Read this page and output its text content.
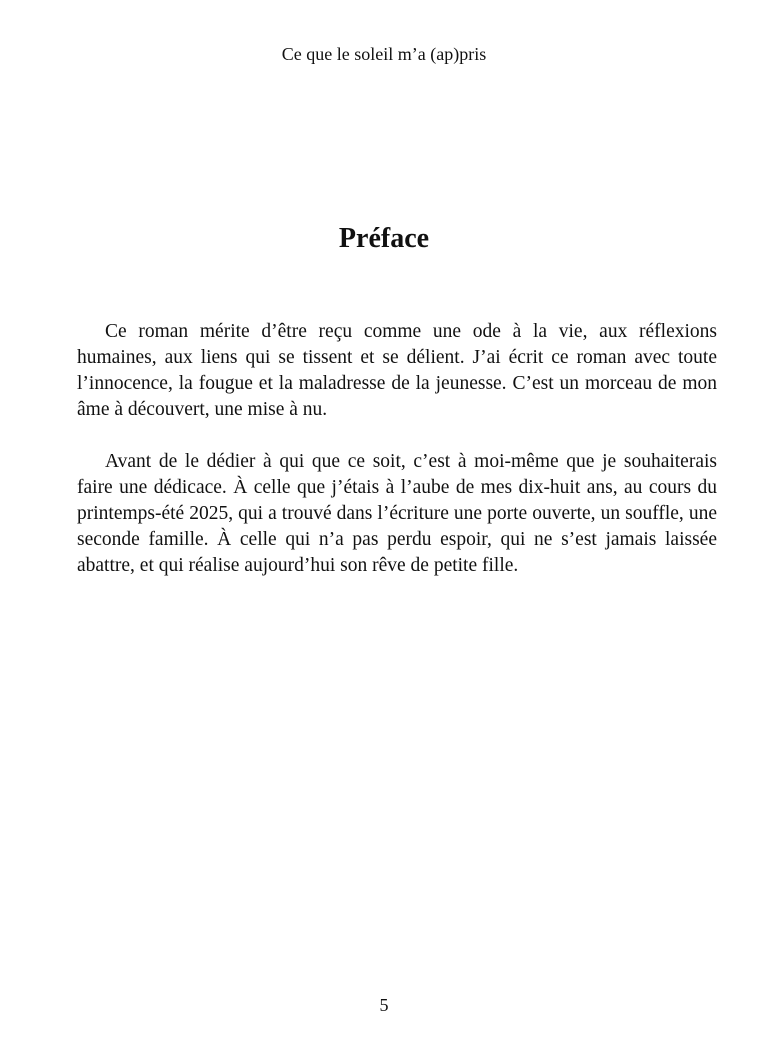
Ce que le soleil m’a (ap)pris
Préface

Ce roman mérite d’être reçu comme une ode à la vie, aux réflexions humaines, aux liens qui se tissent et se délient. J’ai écrit ce roman avec toute l’innocence, la fougue et la maladresse de la jeunesse. C’est un morceau de mon âme à découvert, une mise à nu.

Avant de le dédier à qui que ce soit, c’est à moi-même que je souhaiterais faire une dédicace. À celle que j’étais à l’aube de mes dix-huit ans, au cours du printemps-été 2025, qui a trouvé dans l’écriture une porte ouverte, un souffle, une seconde famille. À celle qui n’a pas perdu espoir, qui ne s’est jamais laissée abattre, et qui réalise aujourd’hui son rêve de petite fille.

5
